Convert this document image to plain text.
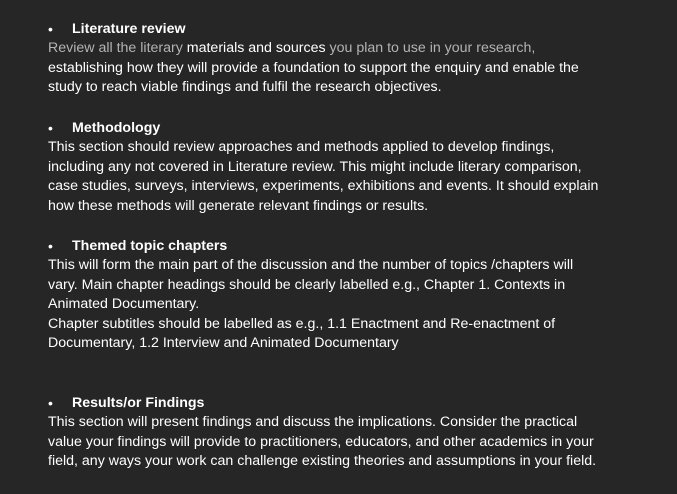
• Literature review

Review all the literary materials and sources you plan to use in your research,
establishing how they will provide a foundation to support the enquiry and enable the
study to reach viable findings and fulfil the research objectives.

• Methodology

This section should review approaches and methods applied to develop findings,
including any not covered in Literature review. This might include literary comparison,
case studies, surveys, interviews, experiments, exhibitions and events. It should explain
how these methods will generate relevant findings or results.

• Themed topic chapters

This will form the main part of the discussion and the number of topics /chapters will
vary. Main chapter headings should be clearly labelled e.g., Chapter 1. Contexts in
Animated Documentary.
Chapter subtitles should be labelled as e.g., 1.1 Enactment and Re-enactment of
Documentary, 1.2 Interview and Animated Documentary

• Results/or Findings

This section will present findings and discuss the implications. Consider the practical
value your findings will provide to practitioners, educators, and other academics in your
field, any ways your work can challenge existing theories and assumptions in your field.
